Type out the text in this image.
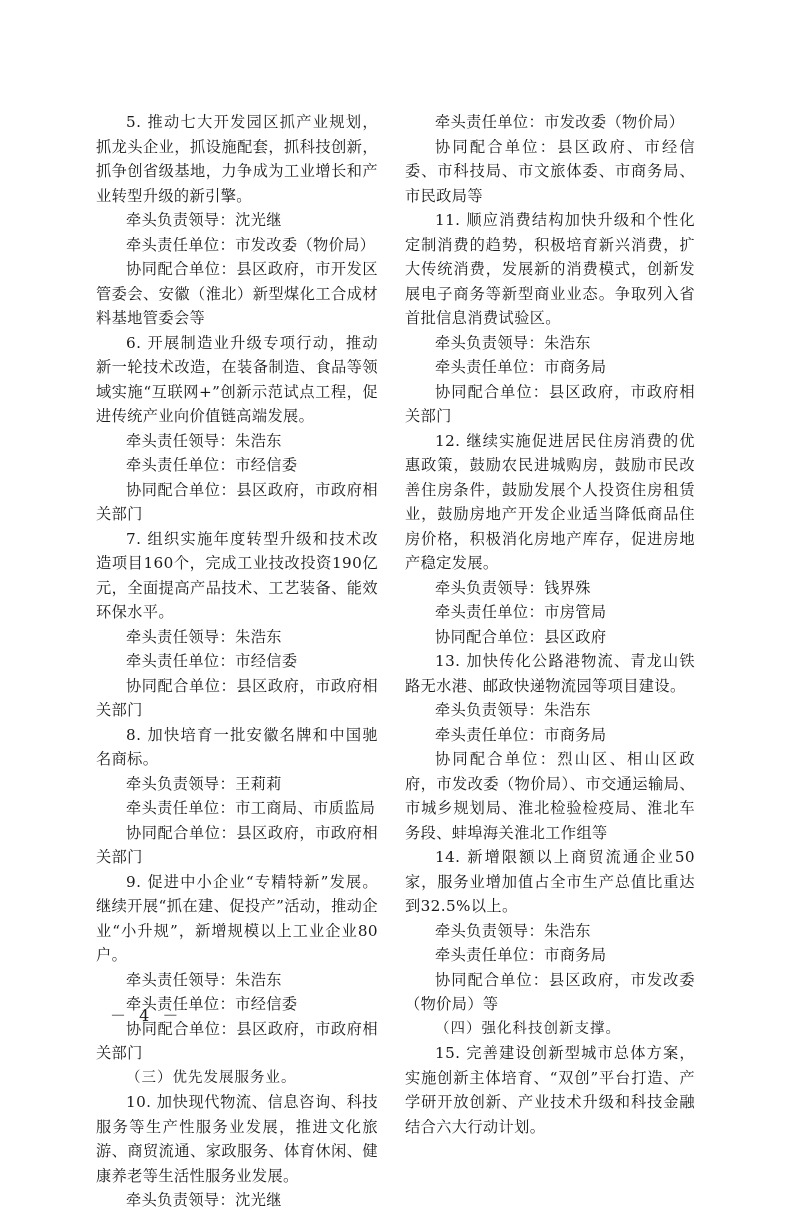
5. 推动七大开发园区抓产业规划，抓龙头企业，抓设施配套，抓科技创新，抓争创省级基地，力争成为工业增长和产业转型升级的新引擎。

牵头负责领导：沈光继

牵头责任单位：市发改委（物价局）

协同配合单位：县区政府，市开发区管委会、安徽（淮北）新型煤化工合成材料基地管委会等

6. 开展制造业升级专项行动，推动新一轮技术改造，在装备制造、食品等领域实施“互联网+”创新示范试点工程，促进传统产业向价值链高端发展。

牵头责任领导：朱浩东

牵头责任单位：市经信委

协同配合单位：县区政府，市政府相关部门

7. 组织实施年度转型升级和技术改造项目160个，完成工业技改投资190亿元，全面提高产品技术、工艺装备、能效环保水平。

牵头责任领导：朱浩东

牵头责任单位：市经信委

协同配合单位：县区政府，市政府相关部门

8. 加快培育一批安徽名牌和中国驰名商标。

牵头负责领导：王莉莉

牵头责任单位：市工商局、市质监局

协同配合单位：县区政府，市政府相关部门

9. 促进中小企业“专精特新”发展。继续开展“抓在建、促投产”活动，推动企业“小升规”，新增规模以上工业企业80户。

牵头责任领导：朱浩东

牵头责任单位：市经信委

协同配合单位：县区政府，市政府相关部门

（三）优先发展服务业。

10. 加快现代物流、信息咨询、科技服务等生产性服务业发展，推进文化旅游、商贸流通、家政服务、体育休闲、健康养老等生活性服务业发展。

牵头负责领导：沈光继

牵头责任单位：市发改委（物价局）

协同配合单位：县区政府、市经信委、市科技局、市文旅体委、市商务局、市民政局等

11. 顺应消费结构加快升级和个性化定制消费的趋势，积极培育新兴消费，扩大传统消费，发展新的消费模式，创新发展电子商务等新型商业业态。争取列入省首批信息消费试验区。

牵头负责领导：朱浩东

牵头责任单位：市商务局

协同配合单位：县区政府，市政府相关部门

12. 继续实施促进居民住房消费的优惠政策，鼓励农民进城购房，鼓励市民改善住房条件，鼓励发展个人投资住房租赁业，鼓励房地产开发企业适当降低商品住房价格，积极消化房地产库存，促进房地产稳定发展。

牵头负责领导：钱界殊

牵头责任单位：市房管局

协同配合单位：县区政府

13. 加快传化公路港物流、青龙山铁路无水港、邮政快递物流园等项目建设。

牵头负责领导：朱浩东

牵头责任单位：市商务局

协同配合单位：烈山区、相山区政府，市发改委（物价局）、市交通运输局、市城乡规划局、淮北检验检疫局、淮北车务段、蚌埠海关淮北工作组等

14. 新增限额以上商贸流通企业50家，服务业增加值占全市生产总值比重达到32.5%以上。

牵头负责领导：朱浩东

牵头责任单位：市商务局

协同配合单位：县区政府，市发改委（物价局）等

（四）强化科技创新支撑。

15. 完善建设创新型城市总体方案，实施创新主体培育、“双创”平台打造、产学研开放创新、产业技术升级和科技金融结合六大行动计划。

－ 4 －
